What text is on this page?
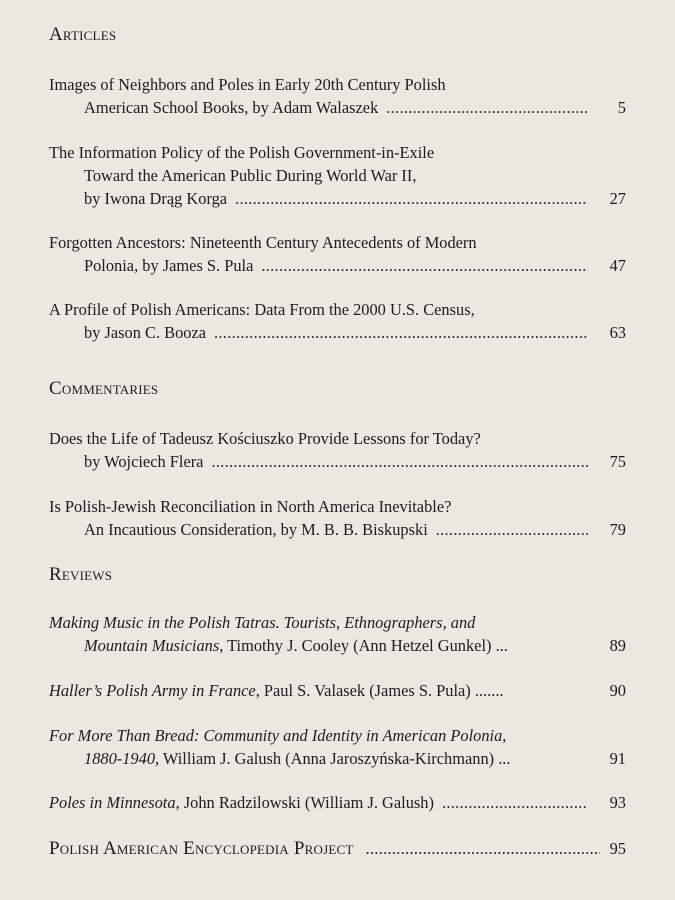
Articles
Images of Neighbors and Poles in Early 20th Century Polish
American School Books, by Adam Walaszek . . .	5
The Information Policy of the Polish Government-in-Exile
Toward the American Public During World War II,
by Iwona Drąg Korga . . .	27
Forgotten Ancestors: Nineteenth Century Antecedents of Modern
Polonia, by James S. Pula . . .	47
A Profile of Polish Americans: Data From the 2000 U.S. Census,
by Jason C. Booza . . .	63
Commentaries
Does the Life of Tadeusz Kościuszko Provide Lessons for Today?
by Wojciech Flera . . .	75
Is Polish-Jewish Reconciliation in North America Inevitable?
An Incautious Consideration, by M. B. B. Biskupski . . .	79
Reviews
Making Music in the Polish Tatras. Tourists, Ethnographers, and
Mountain Musicians, Timothy J. Cooley (Ann Hetzel Gunkel) ...	89
Haller’s Polish Army in France, Paul S. Valasek (James S. Pula) .......	90
For More Than Bread: Community and Identity in American Polonia,
1880-1940, William J. Galush (Anna Jaroszyńska-Kirchmann) ...	91
Poles in Minnesota, John Radzilowski (William J. Galush) . . .	93
Polish American Encyclopedia Project . . .	95
